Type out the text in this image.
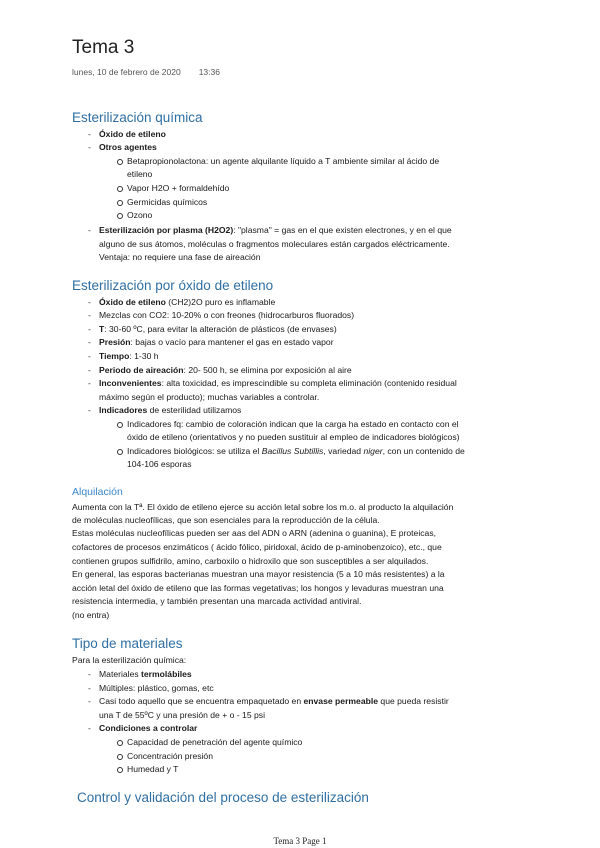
Tema 3
lunes, 10 de febrero de 2020 13:36
Esterilización química
- Óxido de etileno
- Otros agentes
Betapropionolactona: un agente alquilante líquido a T ambiente similar al ácido de
etileno
Vapor H2O + formaldehído
Germicidas químicos
Ozono
- Esterilización por plasma (H2O2): "plasma" = gas en el que existen electrones, y en el que
alguno de sus átomos, moléculas o fragmentos moleculares están cargados eléctricamente.
Ventaja: no requiere una fase de aireación
Esterilización por óxido de etileno
- Óxido de etileno (CH2)2O puro es inflamable
- Mezclas con CO2: 10-20% o con freones (hidrocarburos fluorados)
- T: 30-60 ºC, para evitar la alteración de plásticos (de envases)
- Presión: bajas o vacío para mantener el gas en estado vapor
- Tiempo: 1-30 h
- Periodo de aireación: 20- 500 h, se elimina por exposición al aire
- Inconvenientes: alta toxicidad, es imprescindible su completa eliminación (contenido residual
máximo según el producto); muchas variables a controlar.
- Indicadores de esterilidad utilizamos
Indicadores fq: cambio de coloración indican que la carga ha estado en contacto con el
óxido de etileno (orientativos y no pueden sustituir al empleo de indicadores biológicos)
Indicadores biológicos: se utiliza el Bacillus Subtillis, variedad niger, con un contenido de
104-106 esporas
Alquilación
Aumenta con la Tª. El óxido de etileno ejerce su acción letal sobre los m.o. al producto la alquilación
de moléculas nucleofílicas, que son esenciales para la reproducción de la célula.
Estas moléculas nucleofílicas pueden ser aas del ADN o ARN (adenina o guanina), E proteicas,
cofactores de procesos enzimáticos ( ácido fólico, piridoxal, ácido de p-aminobenzoico), etc., que
contienen grupos sulfidrilo, amino, carboxilo o hidroxilo que son susceptibles a ser alquilados.
En general, las esporas bacterianas muestran una mayor resistencia (5 a 10 más resistentes) a la
acción letal del óxido de etileno que las formas vegetativas; los hongos y levaduras muestran una
resistencia intermedia, y también presentan una marcada actividad antiviral.
(no entra)
Tipo de materiales
Para la esterilización química:
- Materiales termolábiles
- Múltiples: plástico, gomas, etc
- Casi todo aquello que se encuentra empaquetado en envase permeable que pueda resistir
una T de 55ºC y una presión de + o - 15 psi
- Condiciones a controlar
Capacidad de penetración del agente químico
Concentración presión
Humedad y T
Control y validación del proceso de esterilización
Tema 3 Page 1
